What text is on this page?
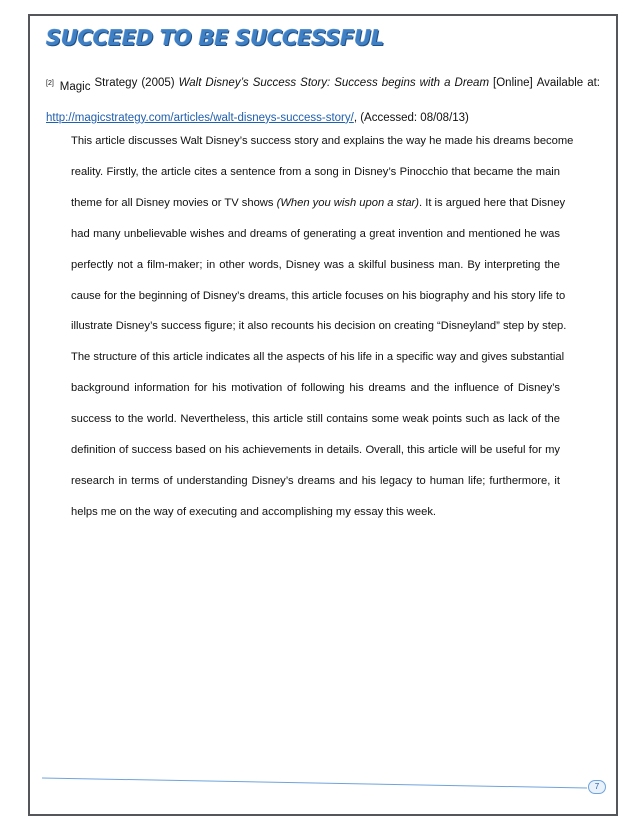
SUCCEED TO BE SUCCESSFUL
[2] Magic Strategy (2005) Walt Disney’s Success Story: Success begins with a Dream [Online] Available at:
http://magicstrategy.com/articles/walt-disneys-success-story/, (Accessed: 08/08/13)

This article discusses Walt Disney’s success story and explains the way he made his dreams become
reality. Firstly, the article cites a sentence from a song in Disney’s Pinocchio that became the main
theme for all Disney movies or TV shows (When you wish upon a star). It is argued here that Disney
had many unbelievable wishes and dreams of generating a great invention and mentioned he was
perfectly not a film-maker; in other words, Disney was a skilful business man. By interpreting the
cause for the beginning of Disney’s dreams, this article focuses on his biography and his story life to
illustrate Disney’s success figure; it also recounts his decision on creating “Disneyland” step by step.
The structure of this article indicates all the aspects of his life in a specific way and gives substantial
background information for his motivation of following his dreams and the influence of Disney’s
success to the world. Nevertheless, this article still contains some weak points such as lack of the
definition of success based on his achievements in details. Overall, this article will be useful for my
research in terms of understanding Disney’s dreams and his legacy to human life; furthermore, it
helps me on the way of executing and accomplishing my essay this week.

7
